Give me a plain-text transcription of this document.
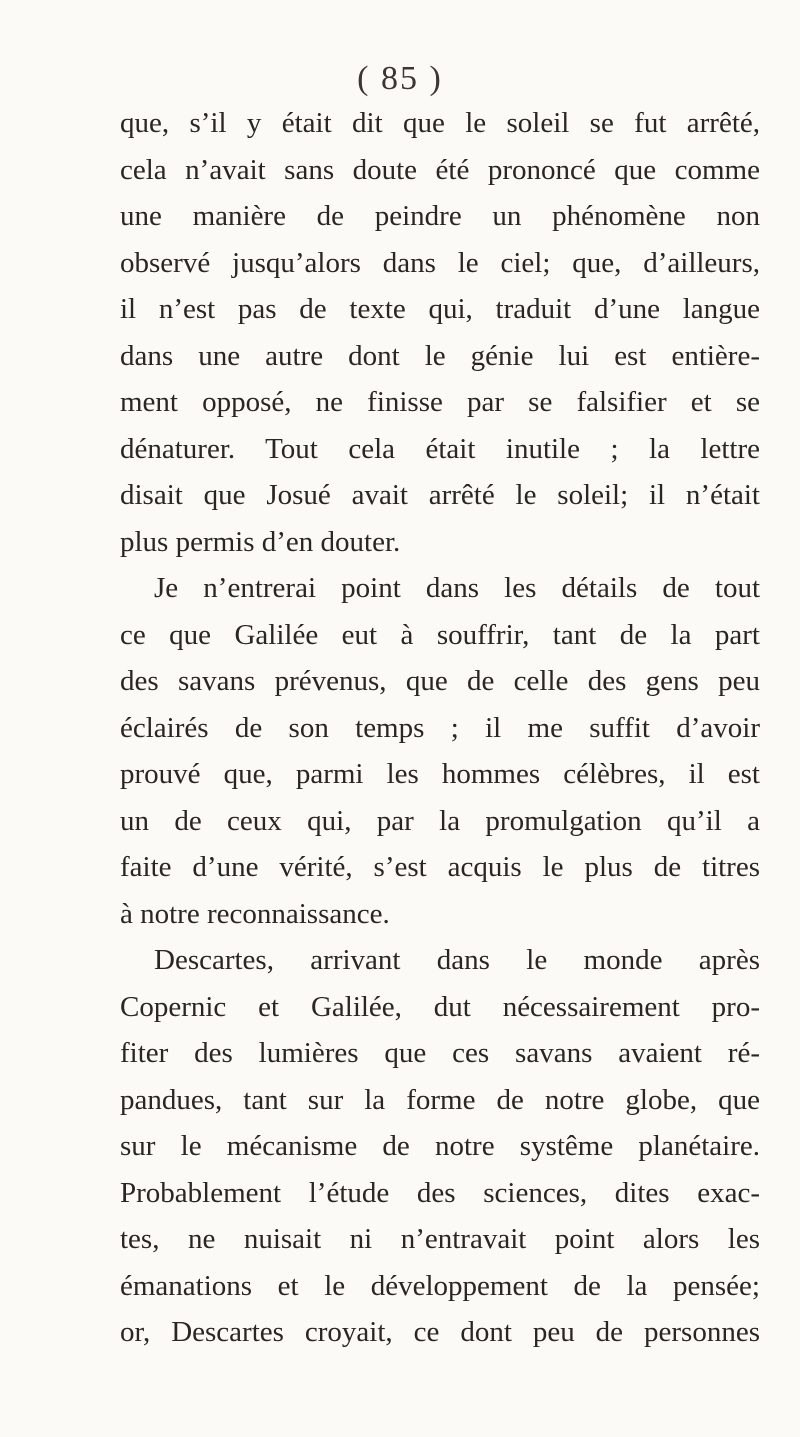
( 85 )
que, s’il y était dit que le soleil se fut arrêté,
cela n’avait sans doute été prononcé que comme
une manière de peindre un phénomène non
observé jusqu’alors dans le ciel; que, d’ailleurs,
il n’est pas de texte qui, traduit d’une langue
dans une autre dont le génie lui est entière-
ment opposé, ne finisse par se falsifier et se
dénaturer. Tout cela était inutile ; la lettre
disait que Josué avait arrêté le soleil; il n’était
plus permis d’en douter.
Je n’entrerai point dans les détails de tout
ce que Galilée eut à souffrir, tant de la part
des savans prévenus, que de celle des gens peu
éclairés de son temps ; il me suffit d’avoir
prouvé que, parmi les hommes célèbres, il est
un de ceux qui, par la promulgation qu’il a
faite d’une vérité, s’est acquis le plus de titres
à notre reconnaissance.
Descartes, arrivant dans le monde après
Copernic et Galilée, dut nécessairement pro-
fiter des lumières que ces savans avaient ré-
pandues, tant sur la forme de notre globe, que
sur le mécanisme de notre systême planétaire.
Probablement l’étude des sciences, dites exac-
tes, ne nuisait ni n’entravait point alors les
émanations et le développement de la pensée;
or, Descartes croyait, ce dont peu de personnes
